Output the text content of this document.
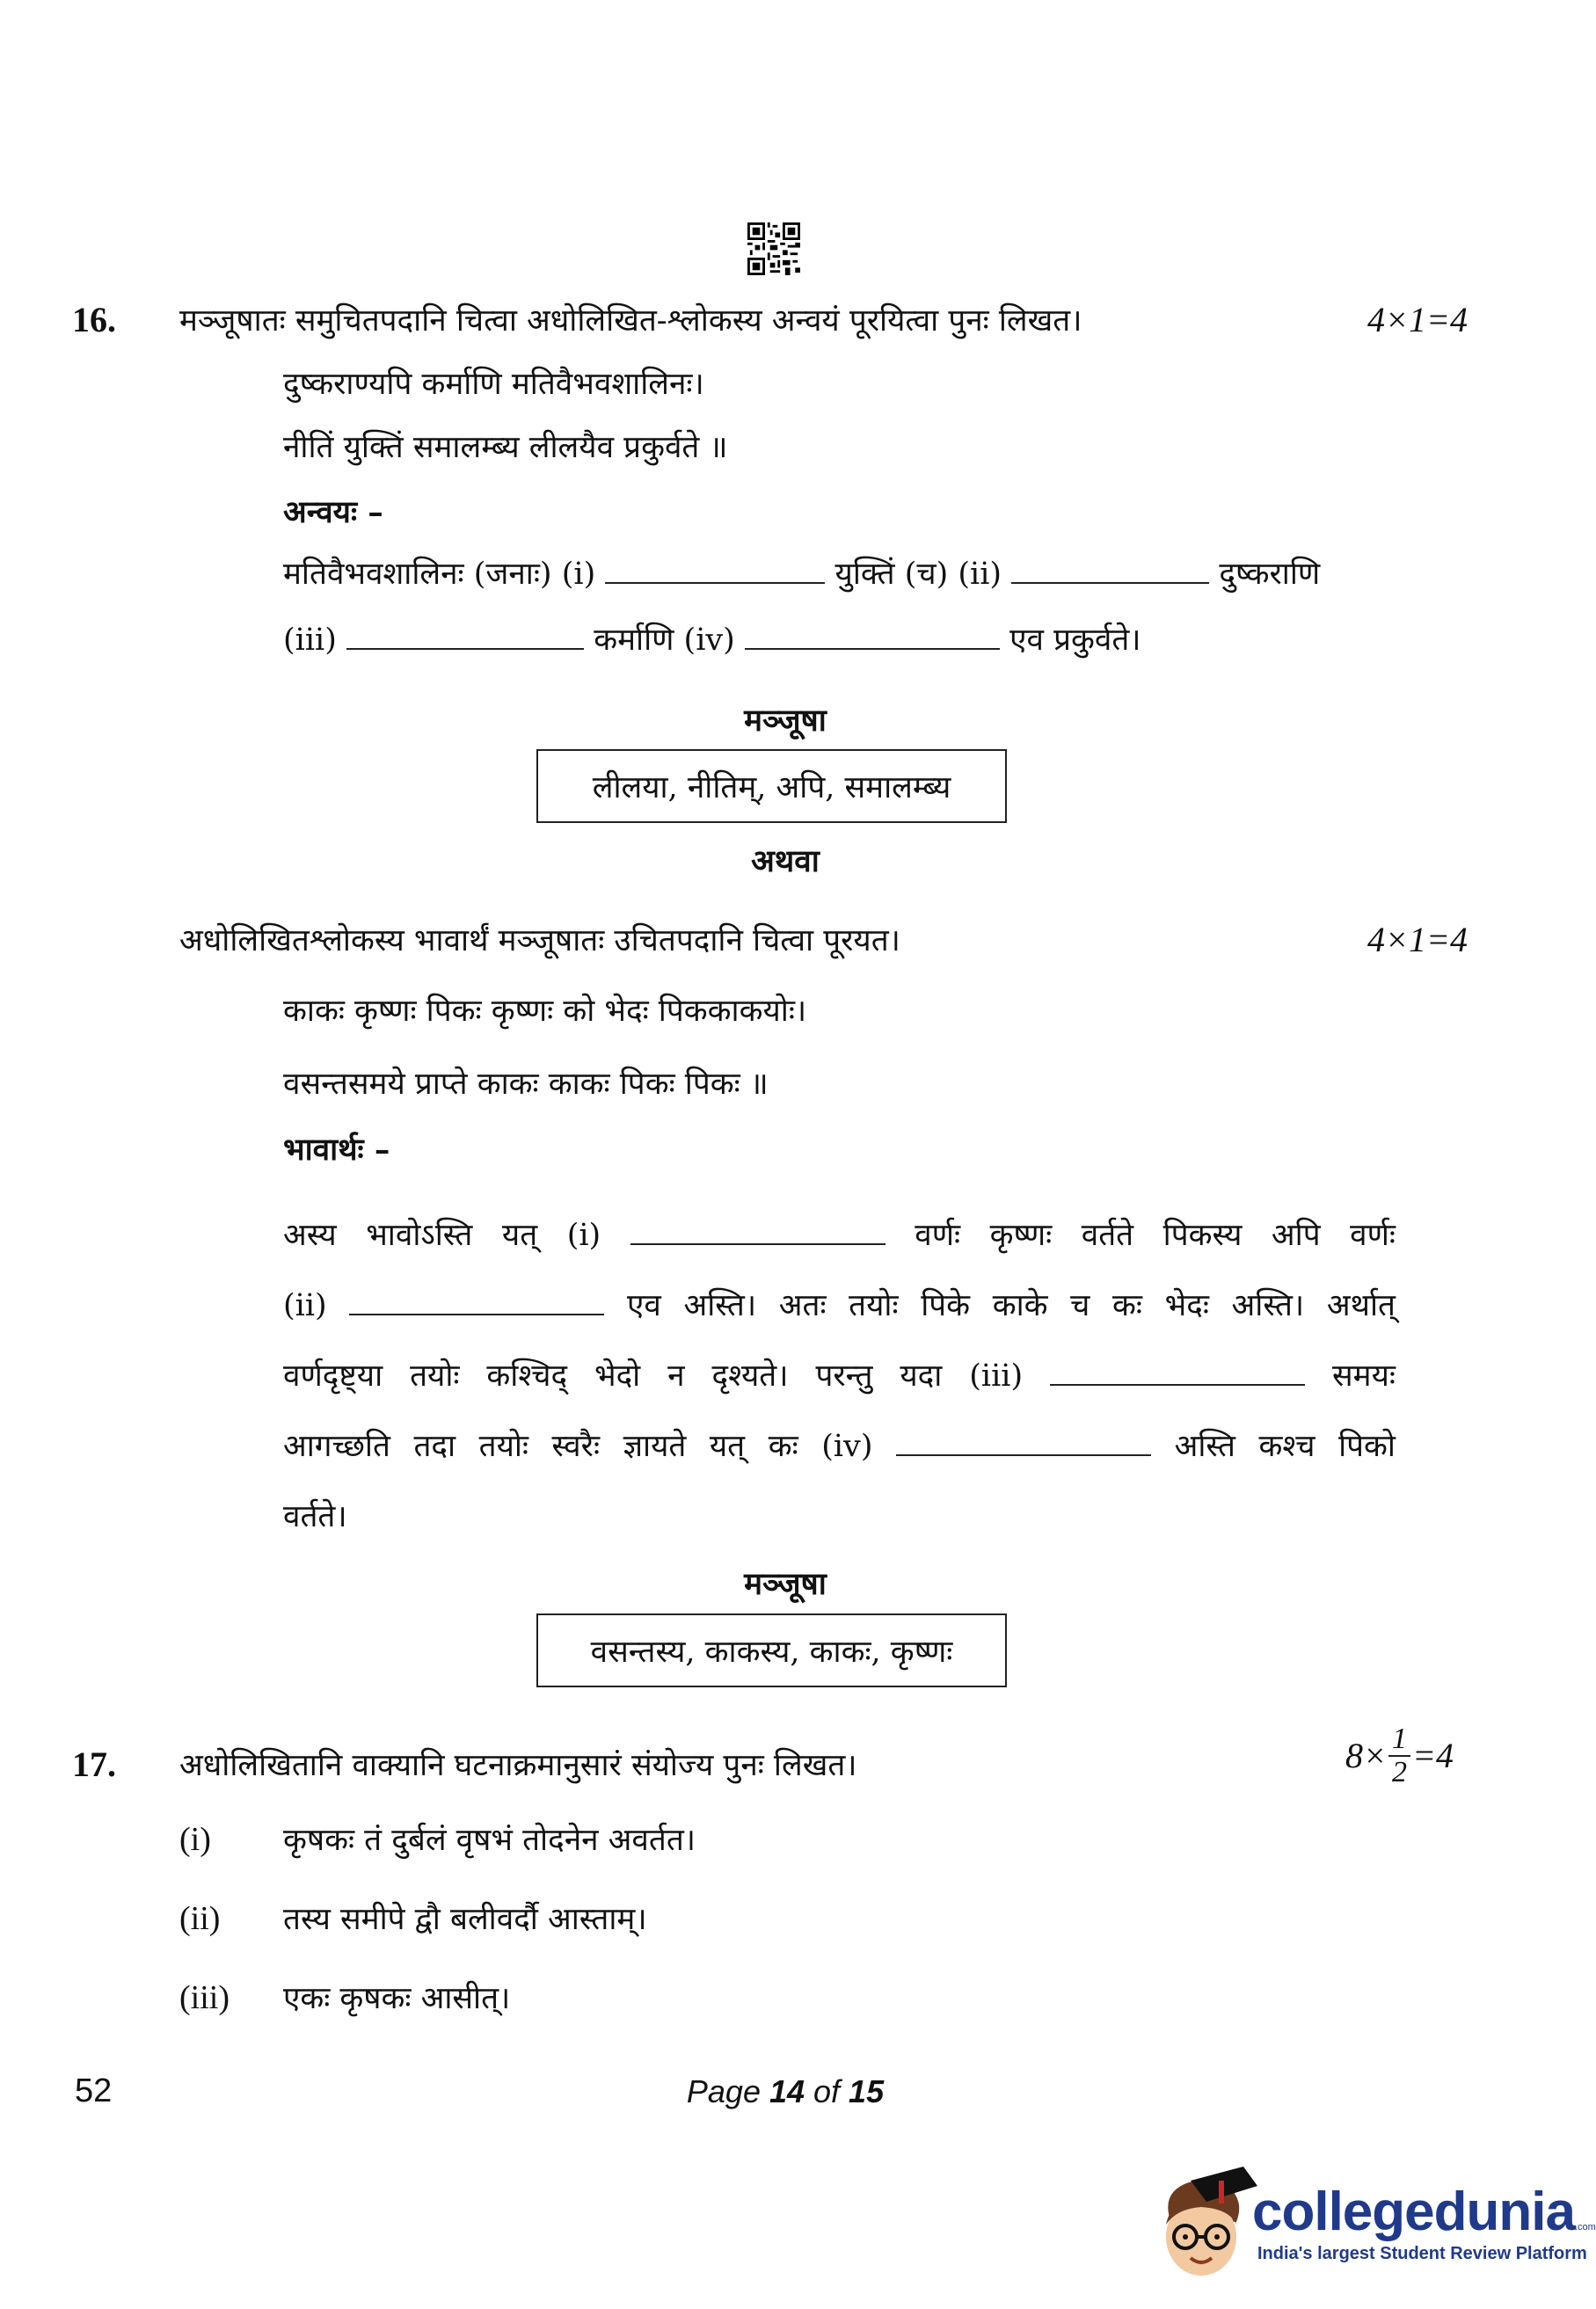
16. मञ्जूषातः समुचितपदानि चित्वा अधोलिखित-श्लोकस्य अन्वयं पूरयित्वा पुनः लिखत।	4×1=4
दुष्कराण्यपि कर्माणि मतिवैभवशालिनः।
नीतिं युक्तिं समालम्ब्य लीलयैव प्रकुर्वते ॥
अन्वयः –
मतिवैभवशालिनः (जनाः) (i)	युक्तिं (च) (ii)	दुष्कराणि
(iii)	कर्माणि (iv)	एव प्रकुर्वते।
मञ्जूषा
लीलया, नीतिम्, अपि, समालम्ब्य
अथवा
अधोलिखितश्लोकस्य भावार्थं मञ्जूषातः उचितपदानि चित्वा पूरयत।	4×1=4
काकः कृष्णः पिकः कृष्णः को भेदः पिककाकयोः।
वसन्तसमये प्राप्ते काकः काकः पिकः पिकः ॥
भावार्थः –
अस्य भावोऽस्ति यत् (i)	वर्णः कृष्णः वर्तते पिकस्य अपि वर्णः
(ii)	एव अस्ति। अतः तयोः पिके काके च कः भेदः अस्ति। अर्थात्
वर्णदृष्ट्या तयोः कश्चिद् भेदो न दृश्यते। परन्तु यदा (iii)	समयः
आगच्छति तदा तयोः स्वरैः ज्ञायते यत् कः (iv)	अस्ति कश्च पिको
वर्तते।
मञ्जूषा
वसन्तस्य, काकस्य, काकः, कृष्णः
17. अधोलिखितानि वाक्यानि घटनाक्रमानुसारं संयोज्य पुनः लिखत।	$8\times \frac{1}{2} =4$
(i) कृषकः तं दुर्बलं वृषभं तोदनेन अवर्तत।
(ii) तस्य समीपे द्वौ बलीवर्दौ आस्ताम्।
(iii) एकः कृषकः आसीत्।
52	Page 14 of 15
collegedunia.com
India's largest Student Review Platform
